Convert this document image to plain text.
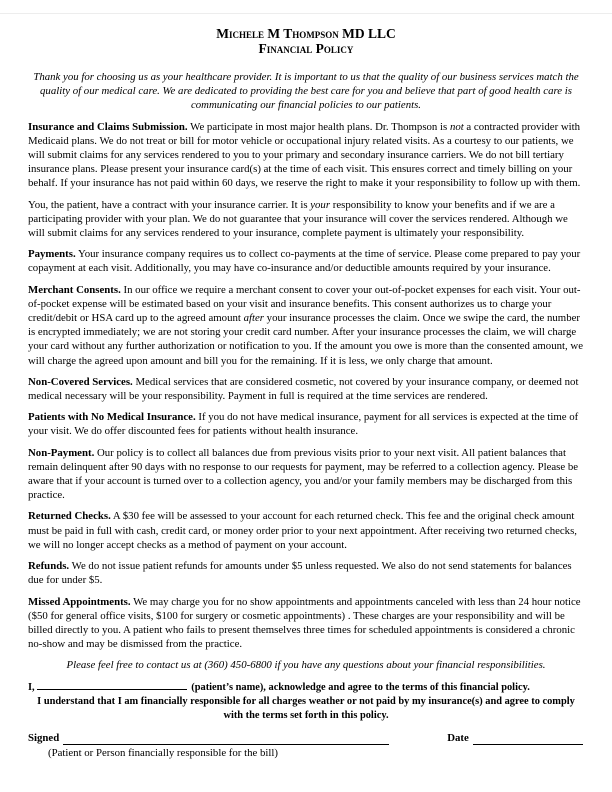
Michele M Thompson MD LLC
Financial Policy
Thank you for choosing us as your healthcare provider. It is important to us that the quality of our business services match the quality of our medical care. We are dedicated to providing the best care for you and believe that part of good health care is communicating our financial policies to our patients.

Insurance and Claims Submission. We participate in most major health plans. Dr. Thompson is not a contracted provider with Medicaid plans. We do not treat or bill for motor vehicle or occupational injury related visits. As a courtesy to our patients, we will submit claims for any services rendered to you to your primary and secondary insurance carriers. We do not bill tertiary insurance plans. Please present your insurance card(s) at the time of each visit. This ensures correct and timely billing on your behalf. If your insurance has not paid within 60 days, we reserve the right to make it your responsibility to follow up with them.

You, the patient, have a contract with your insurance carrier. It is your responsibility to know your benefits and if we are a participating provider with your plan. We do not guarantee that your insurance will cover the services rendered. Although we will submit claims for any services rendered to your insurance, complete payment is ultimately your responsibility.

Payments. Your insurance company requires us to collect co-payments at the time of service. Please come prepared to pay your copayment at each visit. Additionally, you may have co-insurance and/or deductible amounts required by your insurance.

Merchant Consents. In our office we require a merchant consent to cover your out-of-pocket expenses for each visit. Your out-of-pocket expense will be estimated based on your visit and insurance benefits. This consent authorizes us to charge your credit/debit or HSA card up to the agreed amount after your insurance processes the claim. Once we swipe the card, the number is encrypted immediately; we are not storing your credit card number. After your insurance processes the claim, we will charge your card without any further authorization or notification to you. If the amount you owe is more than the consented amount, we will charge the agreed upon amount and bill you for the remaining. If it is less, we only charge that amount.

Non-Covered Services. Medical services that are considered cosmetic, not covered by your insurance company, or deemed not medical necessary will be your responsibility. Payment in full is required at the time services are rendered.

Patients with No Medical Insurance. If you do not have medical insurance, payment for all services is expected at the time of your visit. We do offer discounted fees for patients without health insurance.

Non-Payment. Our policy is to collect all balances due from previous visits prior to your next visit. All patient balances that remain delinquent after 90 days with no response to our requests for payment, may be referred to a collection agency. Please be aware that if your account is turned over to a collection agency, you and/or your family members may be discharged from this practice.

Returned Checks. A $30 fee will be assessed to your account for each returned check. This fee and the original check amount must be paid in full with cash, credit card, or money order prior to your next appointment. After receiving two returned checks, we will no longer accept checks as a method of payment on your account.

Refunds. We do not issue patient refunds for amounts under $5 unless requested. We also do not send statements for balances due for under $5.

Missed Appointments. We may charge you for no show appointments and appointments canceled with less than 24 hour notice ($50 for general office visits, $100 for surgery or cosmetic appointments) . These charges are your responsibility and will be billed directly to you. A patient who fails to present themselves three times for scheduled appointments is considered a chronic no-show and may be dismissed from the practice.

Please feel free to contact us at (360) 450-6800 if you have any questions about your financial responsibilities.
I,	(patient’s name), acknowledge and agree to the terms of this financial policy.
I understand that I am financially responsible for all charges weather or not paid by my insurance(s) and agree to comply with the terms set forth in this policy.
Signed	Date
(Patient or Person financially responsible for the bill)
